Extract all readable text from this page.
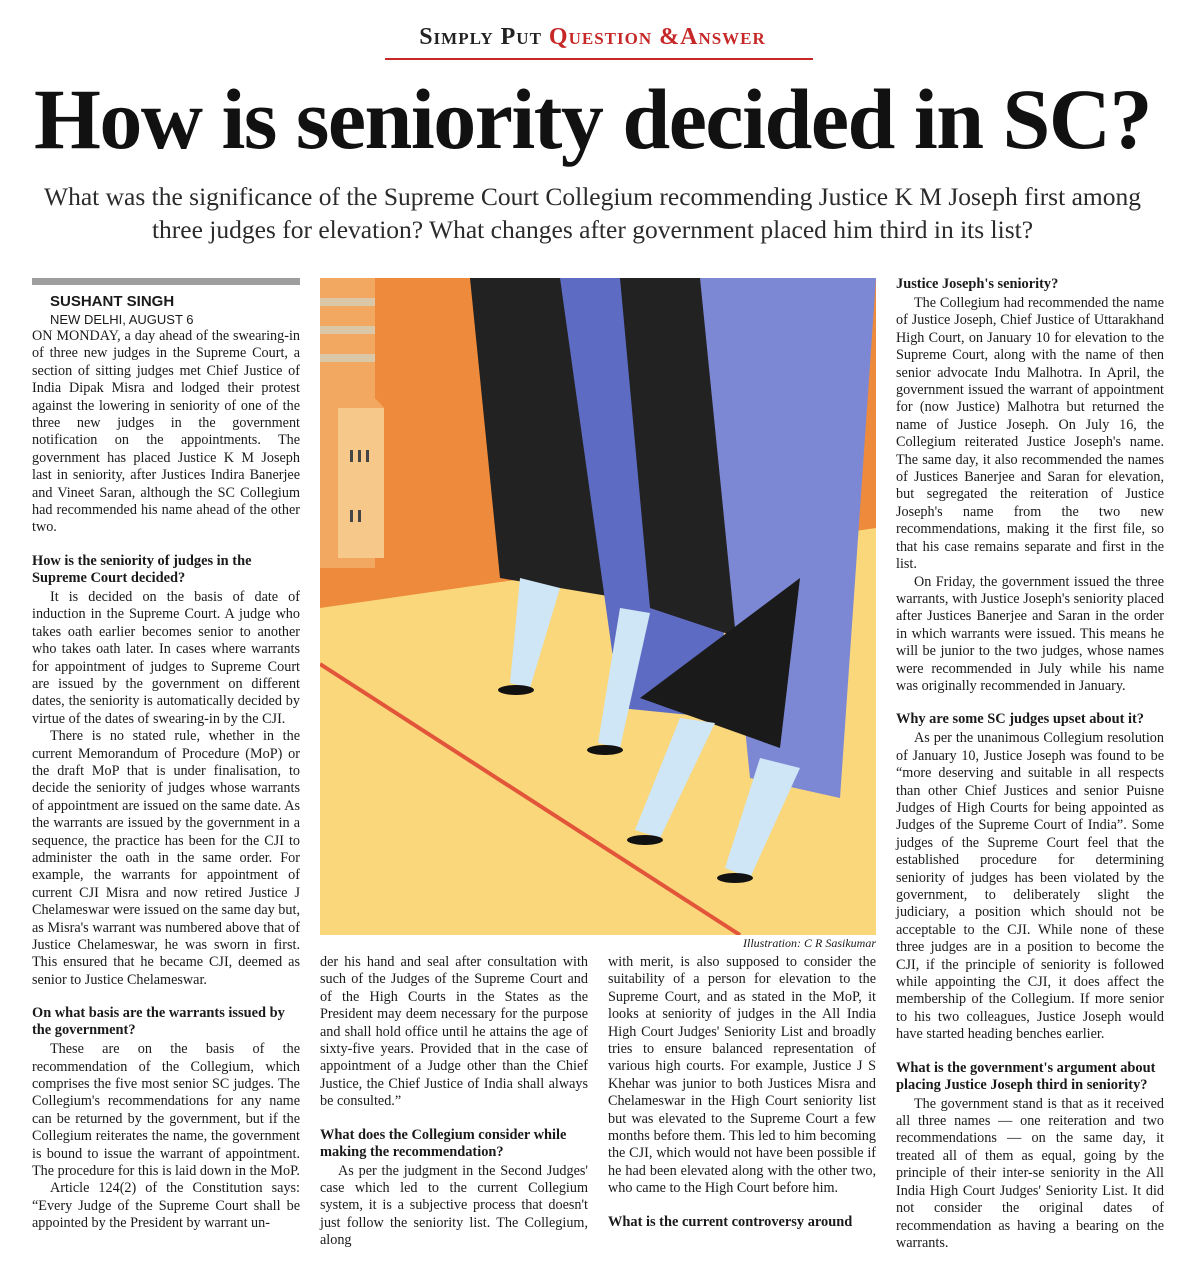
Simply Put Question &Answer
How is seniority decided in SC?
What was the significance of the Supreme Court Collegium recommending Justice K M Joseph first among three judges for elevation? What changes after government placed him third in its list?

SUSHANT SINGH

NEW DELHI, AUGUST 6

ON MONDAY, a day ahead of the swearing-in of three new judges in the Supreme Court, a section of sitting judges met Chief Justice of India Dipak Misra and lodged their protest against the lowering in seniority of one of the three new judges in the government notification on the appointments. The government has placed Justice K M Joseph last in seniority, after Justices Indira Banerjee and Vineet Saran, although the SC Collegium had recommended his name ahead of the other two.

How is the seniority of judges in the Supreme Court decided?

It is decided on the basis of date of induction in the Supreme Court. A judge who takes oath earlier becomes senior to another who takes oath later. In cases where warrants for appointment of judges to Supreme Court are issued by the government on different dates, the seniority is automatically decided by virtue of the dates of swearing-in by the CJI.

There is no stated rule, whether in the current Memorandum of Procedure (MoP) or the draft MoP that is under finalisation, to decide the seniority of judges whose warrants of appointment are issued on the same date. As the warrants are issued by the government in a sequence, the practice has been for the CJI to administer the oath in the same order. For example, the warrants for appointment of current CJI Misra and now retired Justice J Chelameswar were issued on the same day but, as Misra's warrant was numbered above that of Justice Chelameswar, he was sworn in first. This ensured that he became CJI, deemed as senior to Justice Chelameswar.

On what basis are the warrants issued by the government?

These are on the basis of the recommendation of the Collegium, which comprises the five most senior SC judges. The Collegium's recommendations for any name can be returned by the government, but if the Collegium reiterates the name, the government is bound to issue the warrant of appointment. The procedure for this is laid down in the MoP.

Article 124(2) of the Constitution says: “Every Judge of the Supreme Court shall be appointed by the President by warrant un-

Illustration: C R Sasikumar

der his hand and seal after consultation with such of the Judges of the Supreme Court and of the High Courts in the States as the President may deem necessary for the purpose and shall hold office until he attains the age of sixty-five years. Provided that in the case of appointment of a Judge other than the Chief Justice, the Chief Justice of India shall always be consulted.”

What does the Collegium consider while making the recommendation?

As per the judgment in the Second Judges' case which led to the current Collegium system, it is a subjective process that doesn't just follow the seniority list. The Collegium, along

with merit, is also supposed to consider the suitability of a person for elevation to the Supreme Court, and as stated in the MoP, it looks at seniority of judges in the All India High Court Judges' Seniority List and broadly tries to ensure balanced representation of various high courts. For example, Justice J S Khehar was junior to both Justices Misra and Chelameswar in the High Court seniority list but was elevated to the Supreme Court a few months before them. This led to him becoming the CJI, which would not have been possible if he had been elevated along with the other two, who came to the High Court before him.

What is the current controversy around
Justice Joseph's seniority?

The Collegium had recommended the name of Justice Joseph, Chief Justice of Uttarakhand High Court, on January 10 for elevation to the Supreme Court, along with the name of then senior advocate Indu Malhotra. In April, the government issued the warrant of appointment for (now Justice) Malhotra but returned the name of Justice Joseph. On July 16, the Collegium reiterated Justice Joseph's name. The same day, it also recommended the names of Justices Banerjee and Saran for elevation, but segregated the reiteration of Justice Joseph's name from the two new recommendations, making it the first file, so that his case remains separate and first in the list.

On Friday, the government issued the three warrants, with Justice Joseph's seniority placed after Justices Banerjee and Saran in the order in which warrants were issued. This means he will be junior to the two judges, whose names were recommended in July while his name was originally recommended in January.

Why are some SC judges upset about it?

As per the unanimous Collegium resolution of January 10, Justice Joseph was found to be “more deserving and suitable in all respects than other Chief Justices and senior Puisne Judges of High Courts for being appointed as Judges of the Supreme Court of India”. Some judges of the Supreme Court feel that the established procedure for determining seniority of judges has been violated by the government, to deliberately slight the judiciary, a position which should not be acceptable to the CJI. While none of these three judges are in a position to become the CJI, if the principle of seniority is followed while appointing the CJI, it does affect the membership of the Collegium. If more senior to his two colleagues, Justice Joseph would have started heading benches earlier.

What is the government's argument about placing Justice Joseph third in seniority?

The government stand is that as it received all three names — one reiteration and two recommendations — on the same day, it treated all of them as equal, going by the principle of their inter-se seniority in the All India High Court Judges' Seniority List. It did not consider the original dates of recommendation as having a bearing on the warrants.
